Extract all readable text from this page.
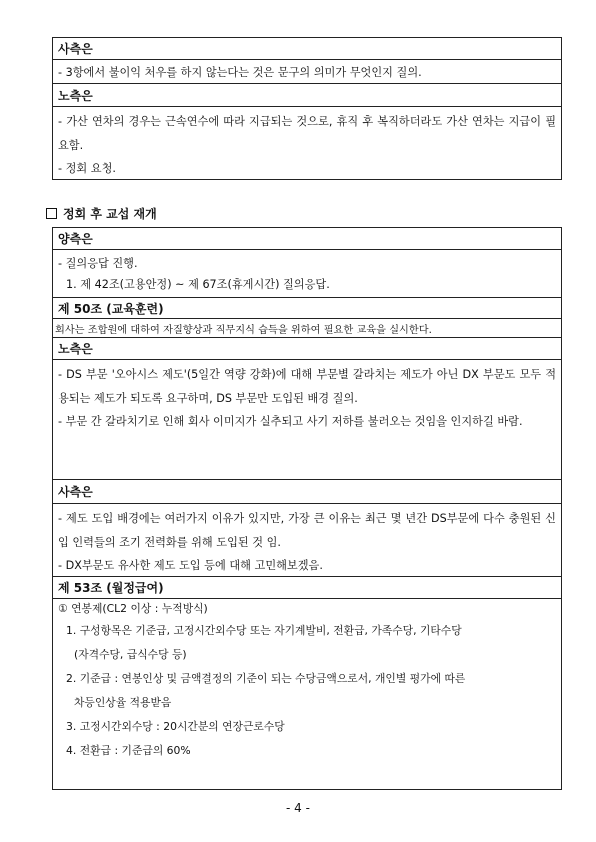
사측은
- 3항에서 불이익 처우를 하지 않는다는 것은 문구의 의미가 무엇인지 질의.
노측은

- 가산 연차의 경우는 근속연수에 따라 지급되는 것으로, 휴직 후 복직하더라도 가산 연차는 지급이 필요함.

- 정회 요청.

정회 후 교섭 재개
양측은

- 질의응답 진행.

1. 제 42조(고용안정) ~ 제 67조(휴게시간) 질의응답.

제 50조 (교육훈련)
회사는 조합원에 대하여 자질향상과 직무지식 습득을 위하여 필요한 교육을 실시한다.
노측은

- DS 부문 '오아시스 제도'(5일간 역량 강화)에 대해 부문별 갈라치는 제도가 아닌 DX 부문도 모두 적용되는 제도가 되도록 요구하며, DS 부문만 도입된 배경 질의.

- 부문 간 갈라치기로 인해 회사 이미지가 실추되고 사기 저하를 불러오는 것임을 인지하길 바람.

사측은

- 제도 도입 배경에는 여러가지 이유가 있지만, 가장 큰 이유는 최근 몇 년간 DS부문에 다수 충원된 신입 인력들의 조기 전력화를 위해 도입된 것 임.

- DX부문도 유사한 제도 도입 등에 대해 고민해보겠음.

제 53조 (월정급여)

① 연봉제(CL2 이상 : 누적방식)

1. 구성항목은 기준급, 고정시간외수당 또는 자기계발비, 전환급, 가족수당, 기타수당

(자격수당, 급식수당 등)

2. 기준급 : 연봉인상 및 금액결정의 기준이 되는 수당금액으로서, 개인별 평가에 따른

차등인상율 적용받음

3. 고정시간외수당 : 20시간분의 연장근로수당

4. 전환급 : 기준급의 60%

- 4 -
